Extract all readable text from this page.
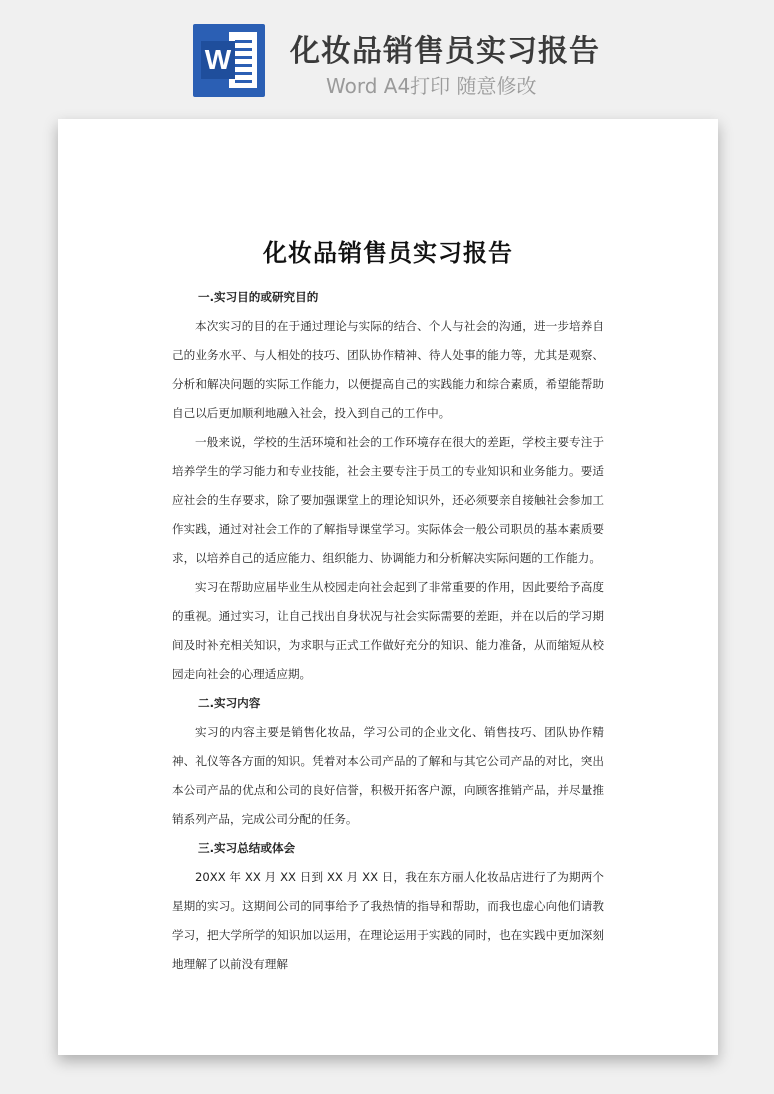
W 化妆品销售员实习报告
Word A4打印 随意修改
​
化妆品销售员实习报告
一.实习目的或研究目的

本次实习的目的在于通过理论与实际的结合、个人与社会的沟通，进一步培养自己的业务水平、与人相处的技巧、团队协作精神、待人处事的能力等，尤其是观察、分析和解决问题的实际工作能力，以便提高自己的实践能力和综合素质，希望能帮助自己以后更加顺利地融入社会，投入到自己的工作中。

一般来说，学校的生活环境和社会的工作环境存在很大的差距，学校主要专注于培养学生的学习能力和专业技能，社会主要专注于员工的专业知识和业务能力。要适应社会的生存要求，除了要加强课堂上的理论知识外，还必须要亲自接触社会参加工作实践，通过对社会工作的了解指导课堂学习。实际体会一般公司职员的基本素质要求，以培养自己的适应能力、组织能力、协调能力和分析解决实际问题的工作能力。

实习在帮助应届毕业生从校园走向社会起到了非常重要的作用，因此要给予高度的重视。通过实习，让自己找出自身状况与社会实际需要的差距，并在以后的学习期间及时补充相关知识，为求职与正式工作做好充分的知识、能力准备，从而缩短从校园走向社会的心理适应期。

二.实习内容

实习的内容主要是销售化妆品，学习公司的企业文化、销售技巧、团队协作精神、礼仪等各方面的知识。凭着对本公司产品的了解和与其它公司产品的对比，突出本公司产品的优点和公司的良好信誉，积极开拓客户源，向顾客推销产品，并尽量推销系列产品，完成公司分配的任务。

三.实习总结或体会

20XX 年 XX 月 XX 日到 XX 月 XX 日，我在东方丽人化妆品店进行了为期两个星期的实习。这期间公司的同事给予了我热情的指导和帮助，而我也虚心向他们请教学习，把大学所学的知识加以运用，在理论运用于实践的同时，也在实践中更加深刻地理解了以前没有理解
